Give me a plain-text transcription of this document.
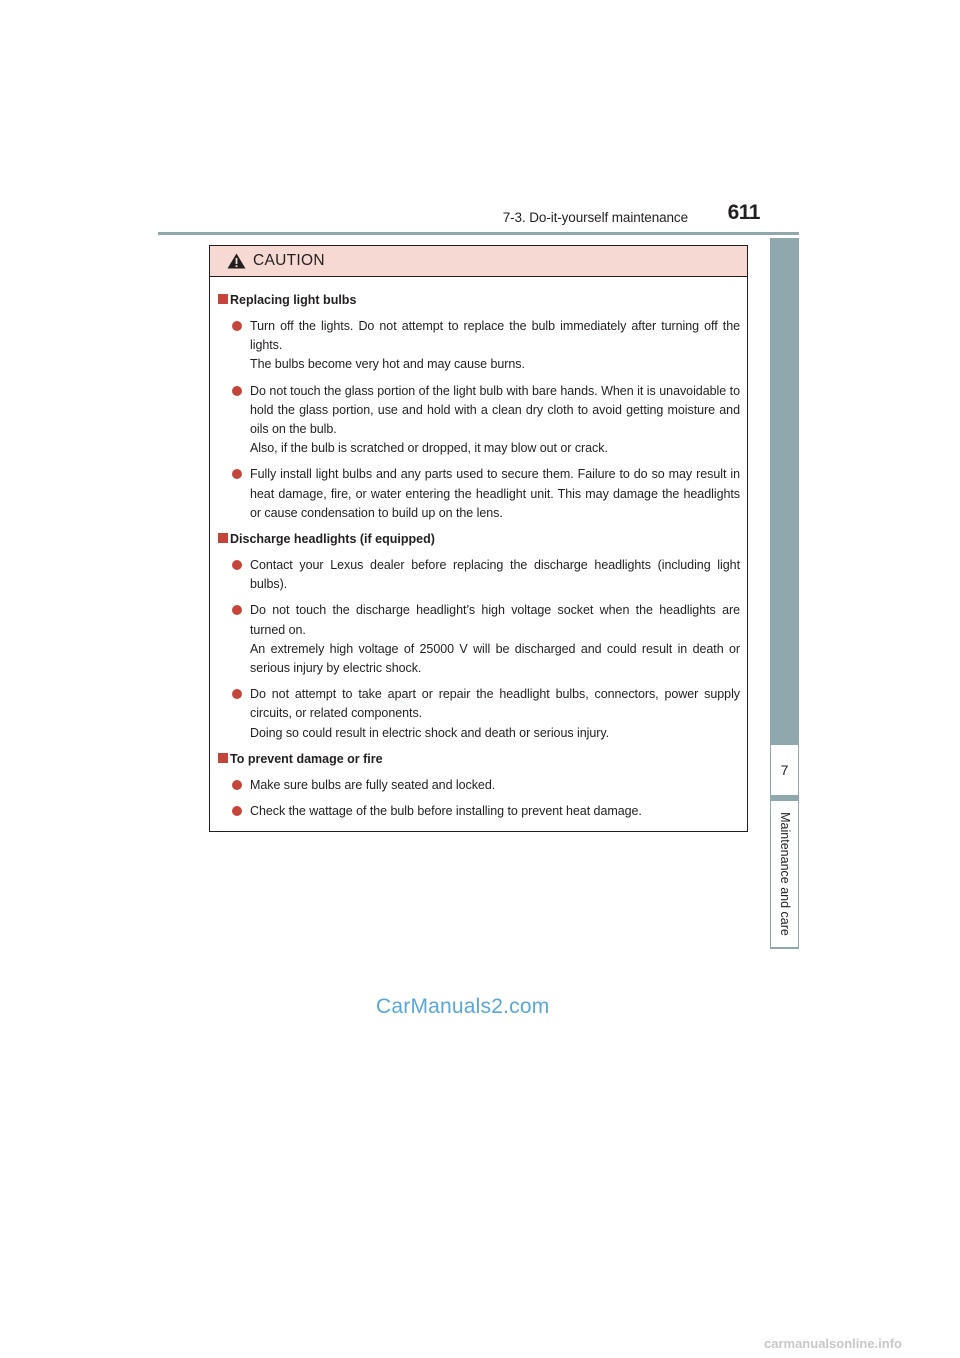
7-3. Do-it-yourself maintenance	611
7
Maintenance and care
CAUTION
Replacing light bulbs

Turn off the lights. Do not attempt to replace the bulb immediately after turning off the lights.

The bulbs become very hot and may cause burns.

Do not touch the glass portion of the light bulb with bare hands. When it is unavoidable to hold the glass portion, use and hold with a clean dry cloth to avoid getting moisture and oils on the bulb.

Also, if the bulb is scratched or dropped, it may blow out or crack.

Fully install light bulbs and any parts used to secure them. Failure to do so may result in heat damage, fire, or water entering the headlight unit. This may damage the headlights or cause condensation to build up on the lens.

Discharge headlights (if equipped)

Contact your Lexus dealer before replacing the discharge headlights (including light bulbs).

Do not touch the discharge headlight’s high voltage socket when the headlights are turned on.

An extremely high voltage of 25000 V will be discharged and could result in death or serious injury by electric shock.

Do not attempt to take apart or repair the headlight bulbs, connectors, power supply circuits, or related components.

Doing so could result in electric shock and death or serious injury.

To prevent damage or fire

Make sure bulbs are fully seated and locked.

Check the wattage of the bulb before installing to prevent heat damage.

CarManuals2.com
carmanualsonline.info
